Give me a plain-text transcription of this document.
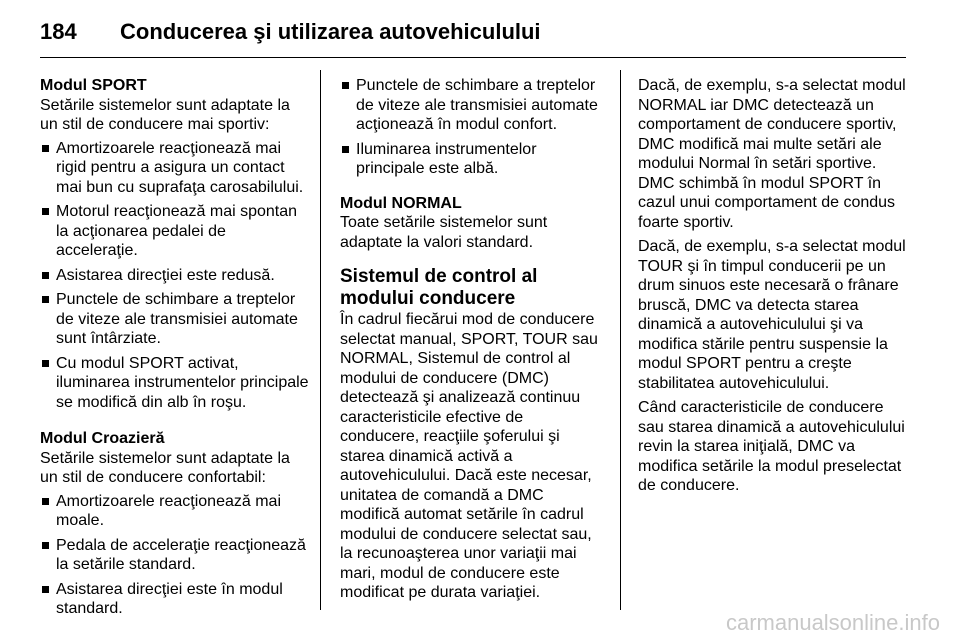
184	Conducerea şi utilizarea autovehiculului
Modul SPORT
Setările sistemelor sunt adaptate la un stil de conducere mai sportiv:
Amortizoarele reacţionează mai rigid pentru a asigura un contact mai bun cu suprafaţa carosabilului.
Motorul reacţionează mai spontan la acţionarea pedalei de acceleraţie.
Asistarea direcţiei este redusă.
Punctele de schimbare a treptelor de viteze ale transmisiei automate sunt întârziate.
Cu modul SPORT activat, iluminarea instrumentelor principale se modifică din alb în roşu.
Modul Croazieră
Setările sistemelor sunt adaptate la un stil de conducere confortabil:
Amortizoarele reacţionează mai moale.
Pedala de acceleraţie reacţionează la setările standard.
Asistarea direcţiei este în modul standard.
Punctele de schimbare a treptelor de viteze ale transmisiei automate acţionează în modul confort.
Iluminarea instrumentelor principale este albă.
Modul NORMAL
Toate setările sistemelor sunt adaptate la valori standard.
Sistemul de control al modului conducere
În cadrul fiecărui mod de conducere selectat manual, SPORT, TOUR sau NORMAL, Sistemul de control al modului de conducere (DMC) detectează şi analizează continuu caracteristicile efective de conducere, reacţiile şoferului şi starea dinamică activă a autovehiculului. Dacă este necesar, unitatea de comandă a DMC modifică automat setările în cadrul modului de conducere selectat sau, la recunoaşterea unor variaţii mai mari, modul de conducere este modificat pe durata variaţiei.

Dacă, de exemplu, s-a selectat modul NORMAL iar DMC detectează un comportament de conducere sportiv, DMC modifică mai multe setări ale modului Normal în setări sportive. DMC schimbă în modul SPORT în cazul unui comportament de condus foarte sportiv.

Dacă, de exemplu, s-a selectat modul TOUR şi în timpul conducerii pe un drum sinuos este necesară o frânare bruscă, DMC va detecta starea dinamică a autovehiculului şi va modifica stările pentru suspensie la modul SPORT pentru a creşte stabilitatea autovehiculului.

Când caracteristicile de conducere sau starea dinamică a autovehiculului revin la starea iniţială, DMC va modifica setările la modul preselectat de conducere.

carmanualsonline.info
